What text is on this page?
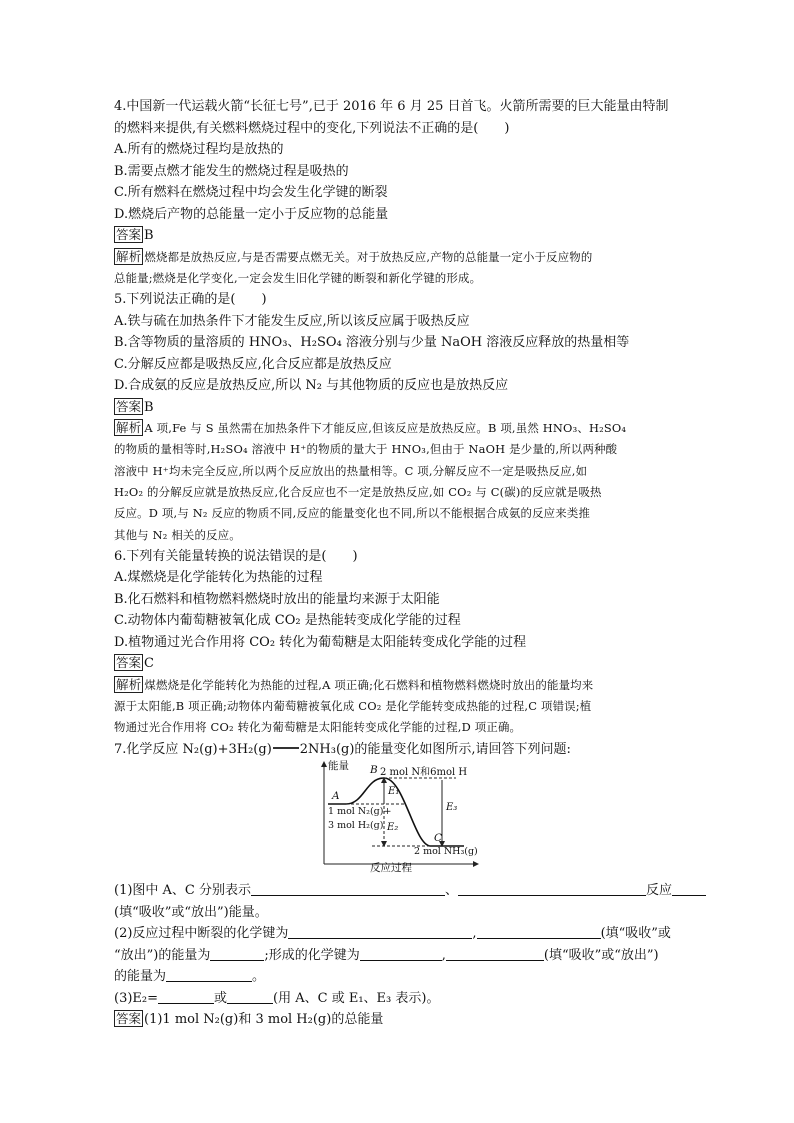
4.中国新一代运载火箭“长征七号”,已于 2016 年 6 月 25 日首飞。火箭所需要的巨大能量由特制
的燃料来提供,有关燃料燃烧过程中的变化,下列说法不正确的是(　　)
A.所有的燃烧过程均是放热的
B.需要点燃才能发生的燃烧过程是吸热的
C.所有燃料在燃烧过程中均会发生化学键的断裂
D.燃烧后产物的总能量一定小于反应物的总能量
答案 B
解析 燃烧都是放热反应,与是否需要点燃无关。对于放热反应,产物的总能量一定小于反应物的
总能量;燃烧是化学变化,一定会发生旧化学键的断裂和新化学键的形成。
5.下列说法正确的是(　　)
A.铁与硫在加热条件下才能发生反应,所以该反应属于吸热反应
B.含等物质的量溶质的 HNO₃、H₂SO₄ 溶液分别与少量 NaOH 溶液反应释放的热量相等
C.分解反应都是吸热反应,化合反应都是放热反应
D.合成氨的反应是放热反应,所以 N₂ 与其他物质的反应也是放热反应
答案 B
解析 A 项,Fe 与 S 虽然需在加热条件下才能反应,但该反应是放热反应。B 项,虽然 HNO₃、H₂SO₄
的物质的量相等时,H₂SO₄ 溶液中 H⁺的物质的量大于 HNO₃,但由于 NaOH 是少量的,所以两种酸
溶液中 H⁺均未完全反应,所以两个反应放出的热量相等。C 项,分解反应不一定是吸热反应,如
H₂O₂ 的分解反应就是放热反应,化合反应也不一定是放热反应,如 CO₂ 与 C(碳)的反应就是吸热
反应。D 项,与 N₂ 反应的物质不同,反应的能量变化也不同,所以不能根据合成氨的反应来类推
其他与 N₂ 相关的反应。
6.下列有关能量转换的说法错误的是(　　)
A.煤燃烧是化学能转化为热能的过程
B.化石燃料和植物燃料燃烧时放出的能量均来源于太阳能
C.动物体内葡萄糖被氧化成 CO₂ 是热能转变成化学能的过程
D.植物通过光合作用将 CO₂ 转化为葡萄糖是太阳能转变成化学能的过程
答案 C
解析 煤燃烧是化学能转化为热能的过程,A 项正确;化石燃料和植物燃料燃烧时放出的能量均来
源于太阳能,B 项正确;动物体内葡萄糖被氧化成 CO₂ 是化学能转变成热能的过程,C 项错误;植
物通过光合作用将 CO₂ 转化为葡萄糖是太阳能转变成化学能的过程,D 项正确。
7.化学反应 N₂(g)+3H₂(g) 2NH₃(g)的能量变化如图所示,请回答下列问题:
能量 B 2 mol N和6mol H
A
1 mol N₂(g)+
3 mol H₂(g)
E₁
E₂
E₃
C
2 mol NH₃(g)
反应过程
(1)图中 A、C 分别表示	、	反应
(填“吸收”或“放出”)能量。
(2)反应过程中断裂的化学键为	,	(填“吸收”或
“放出”)的能量为	;形成的化学键为	,	(填“吸收”或“放出”)
的能量为	。
(3)E₂=	或	(用 A、C 或 E₁、E₃ 表示)。
答案 (1)1 mol N₂(g)和 3 mol H₂(g)的总能量
